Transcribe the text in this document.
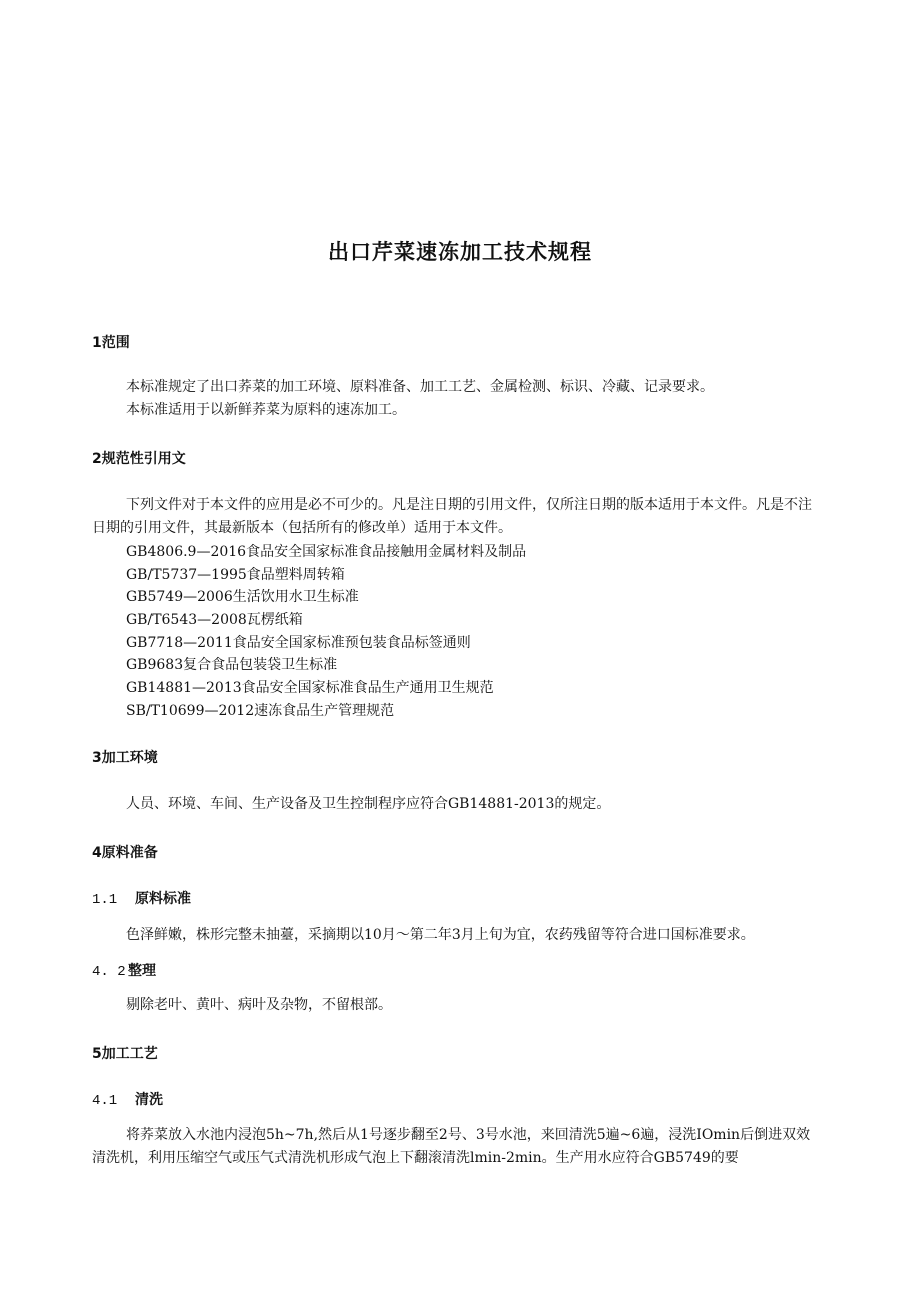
出口芹菜速冻加工技术规程
1范围
本标准规定了出口荞菜的加工环境、原料准备、加工工艺、金属检测、标识、冷藏、记录要求。
本标准适用于以新鲜荞菜为原料的速冻加工。
2规范性引用文
下列文件对于本文件的应用是必不可少的。凡是注日期的引用文件，仅所注日期的版本适用于本文件。凡是不注日期的引用文件，其最新版本（包括所有的修改单）适用于本文件。
GB4806.9—2016食品安全国家标准食品接触用金属材料及制品
GB/T5737—1995食品塑料周转箱
GB5749—2006生活饮用水卫生标准
GB/T6543—2008瓦楞纸箱
GB7718—2011食品安全国家标准预包装食品标签通则
GB9683复合食品包装袋卫生标准
GB14881—2013食品安全国家标准食品生产通用卫生规范
SB/T10699—2012速冻食品生产管理规范
3加工环境
人员、环境、车间、生产设备及卫生控制程序应符合GB14881-2013的规定。
4原料准备
1.1 原料标准
色泽鲜嫩，株形完整未抽薹，采摘期以10月～第二年3月上旬为宜，农药残留等符合进口国标准要求。
4. 2 整理
剔除老叶、黄叶、病叶及杂物，不留根部。
5加工工艺
4.1 清洗
将荞菜放入水池内浸泡5h~7h,然后从1号逐步翻至2号、3号水池，来回清洗5遍~6遍，浸洗IOmin后倒进双效清洗机，利用压缩空气或压气式清洗机形成气泡上下翻滚清洗lmin-2min。生产用水应符合GB5749的要
